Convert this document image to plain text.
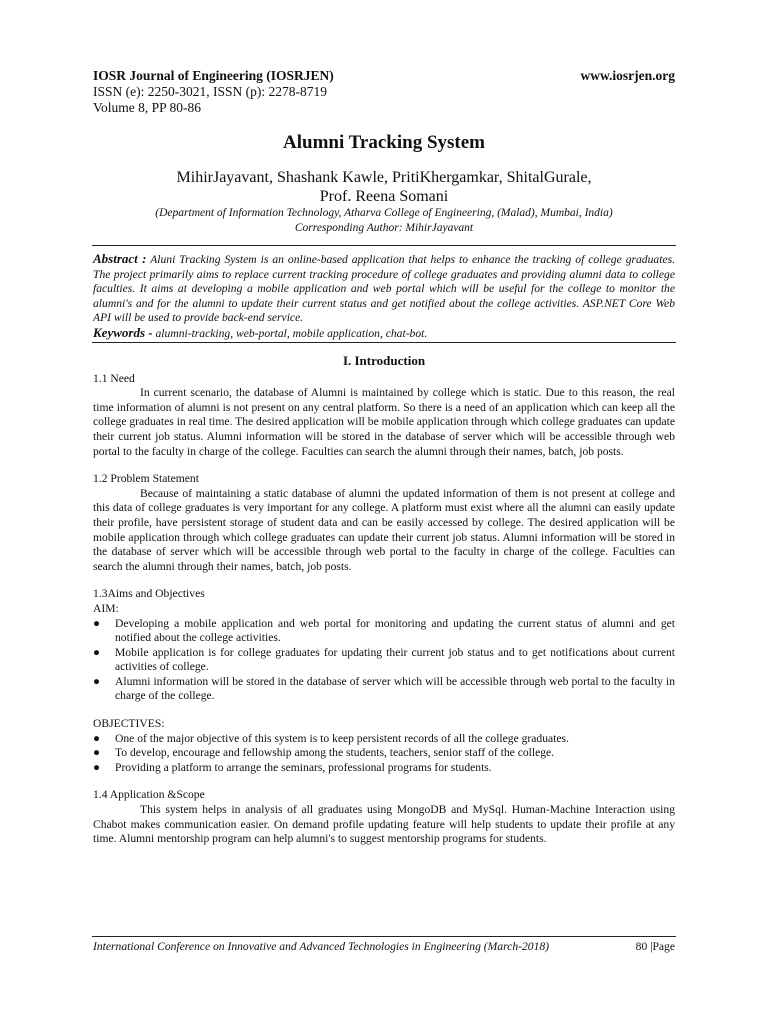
IOSR Journal of Engineering (IOSRJEN)	www.iosrjen.org
ISSN (e): 2250-3021, ISSN (p): 2278-8719
Volume 8, PP 80-86
Alumni Tracking System
MihirJayavant, Shashank Kawle, PritiKhergamkar, ShitalGurale,
Prof. Reena Somani
(Department of Information Technology, Atharva College of Engineering, (Malad), Mumbai, India)
Corresponding Author: MihirJayavant
Abstract : Aluni Tracking System is an online-based application that helps to enhance the tracking of college graduates. The project primarily aims to replace current tracking procedure of college graduates and providing alumni data to college faculties. It aims at developing a mobile application and web portal which will be useful for the college to monitor the alumni's and for the alumni to update their current status and get notified about the college activities. ASP.NET Core Web API will be used to provide back-end service.
Keywords - alumni-tracking, web-portal, mobile application, chat-bot.
I. Introduction

1.1 Need

In current scenario, the database of Alumni is maintained by college which is static. Due to this reason, the real time information of alumni is not present on any central platform. So there is a need of an application which can keep all the college graduates in real time. The desired application will be mobile application through which college graduates can update their current job status. Alumni information will be stored in the database of server which will be accessible through web portal to the faculty in charge of the college. Faculties can search the alumni through their names, batch, job posts.

1.2 Problem Statement

Because of maintaining a static database of alumni the updated information of them is not present at college and this data of college graduates is very important for any college. A platform must exist where all the alumni can easily update their profile, have persistent storage of student data and can be easily accessed by college. The desired application will be mobile application through which college graduates can update their current job status. Alumni information will be stored in the database of server which will be accessible through web portal to the faculty in charge of the college. Faculties can search the alumni through their names, batch, job posts.

1.3Aims and Objectives

AIM:

● Developing a mobile application and web portal for monitoring and updating the current status of alumni and get notified about the college activities.
● Mobile application is for college graduates for updating their current job status and to get notifications about current activities of college.
● Alumni information will be stored in the database of server which will be accessible through web portal to the faculty in charge of the college.

OBJECTIVES:

● One of the major objective of this system is to keep persistent records of all the college graduates.
● To develop, encourage and fellowship among the students, teachers, senior staff of the college.
● Providing a platform to arrange the seminars, professional programs for students.

1.4 Application &Scope

This system helps in analysis of all graduates using MongoDB and MySql. Human-Machine Interaction using Chabot makes communication easier. On demand profile updating feature will help students to update their profile at any time. Alumni mentorship program can help alumni's to suggest mentorship programs for students.

International Conference on Innovative and Advanced Technologies in Engineering (March-2018)	80 |Page
